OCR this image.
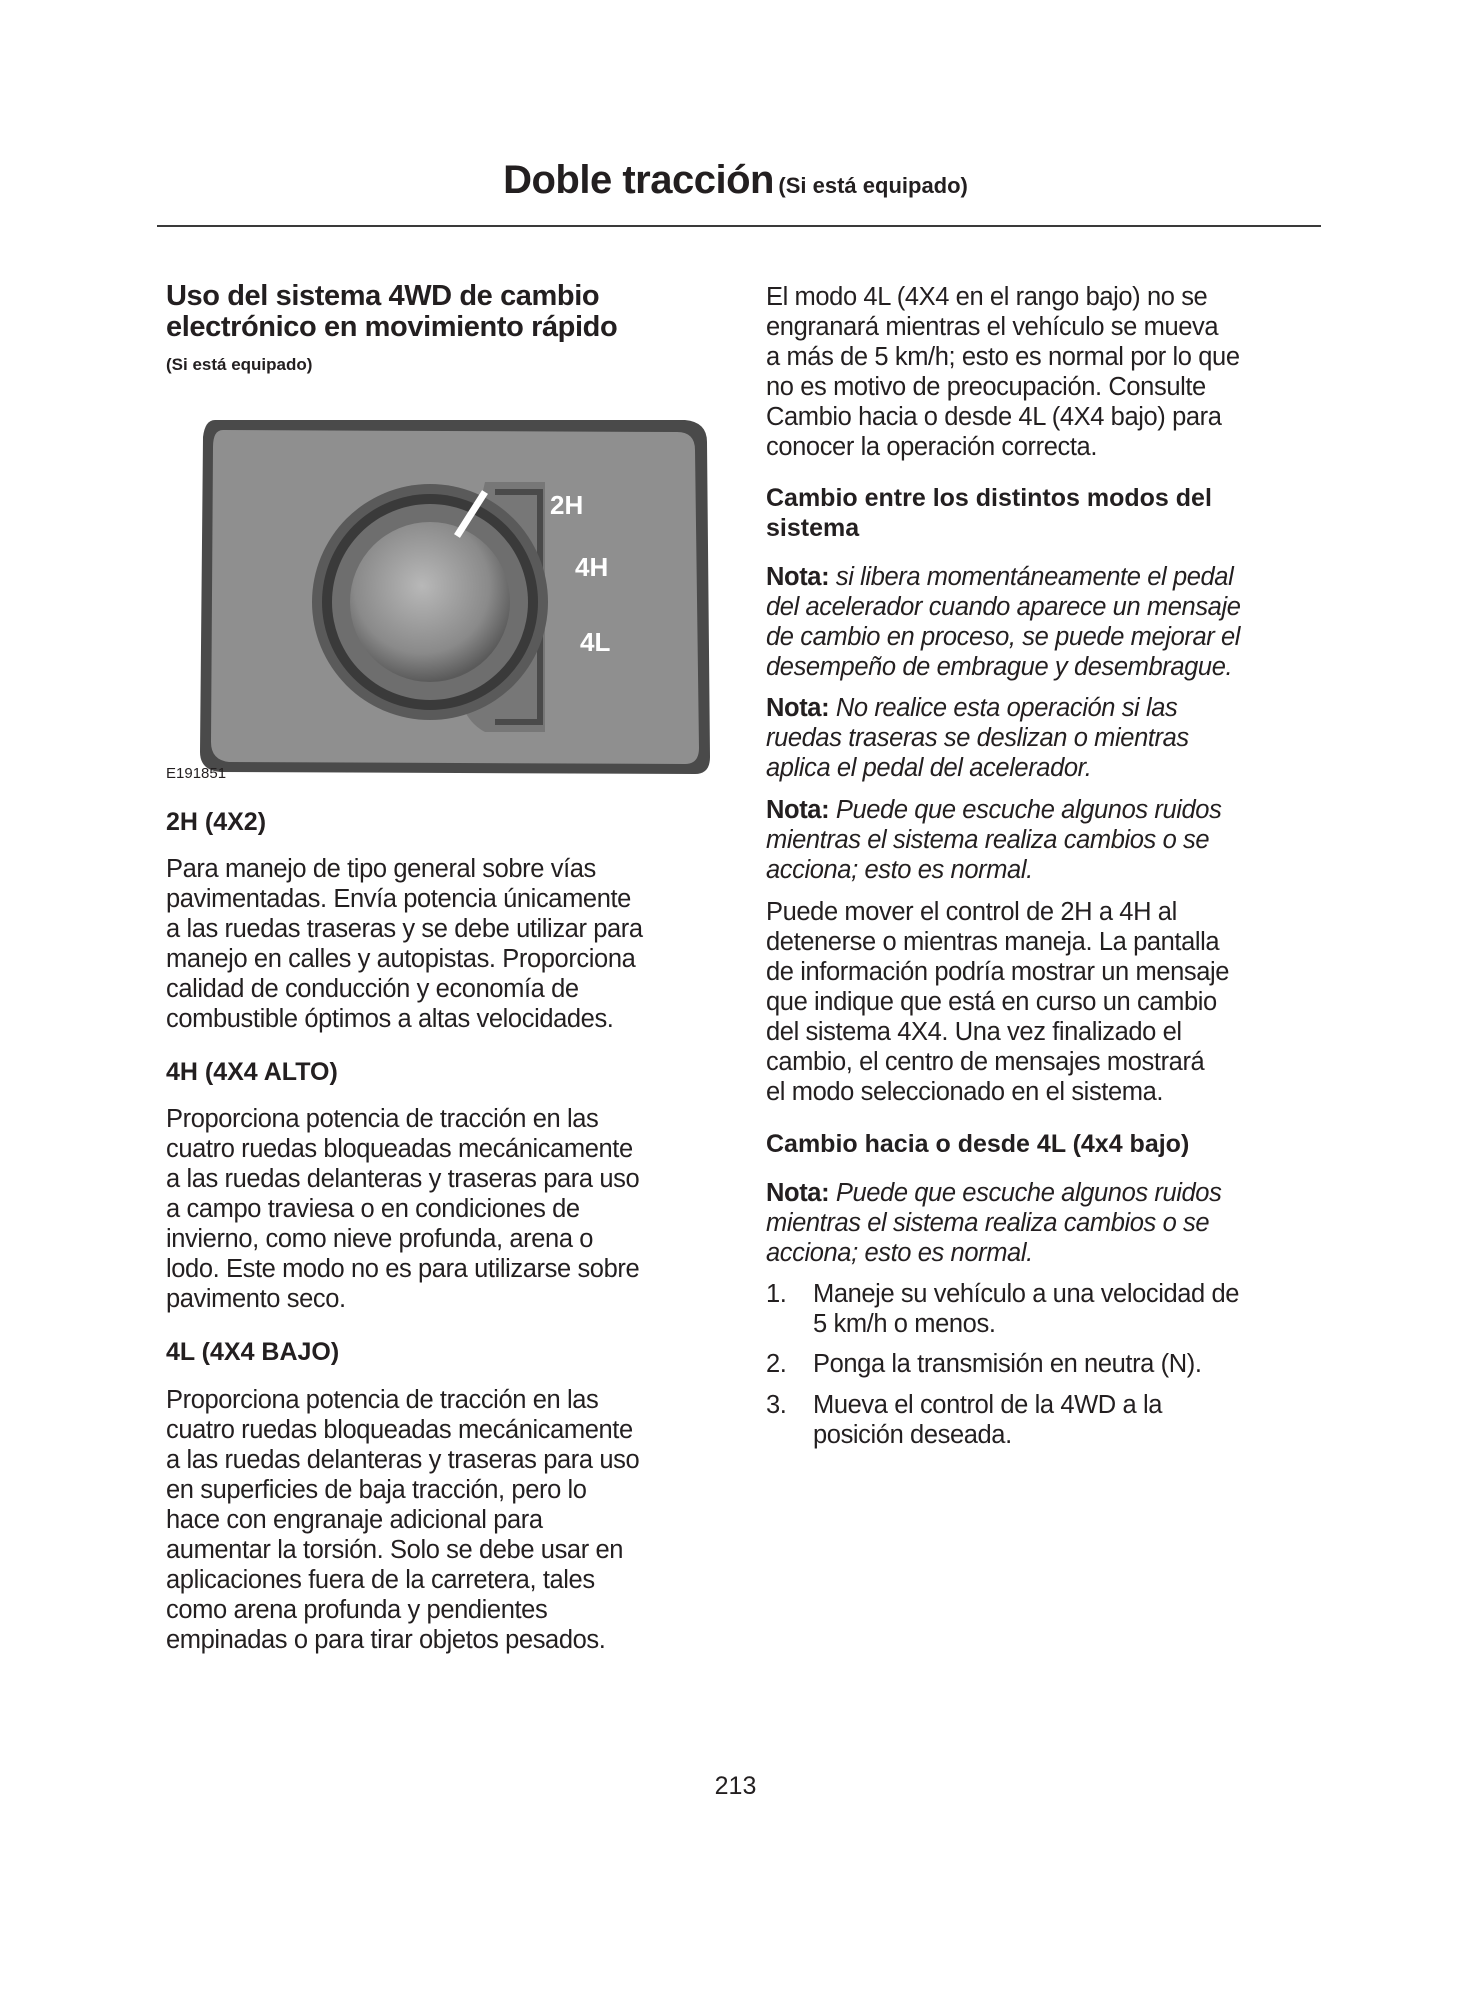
Doble tracción (Si está equipado)
Uso del sistema 4WD de cambio
electrónico en movimiento rápido
(Si está equipado)
2H
4H
4L
E191851
2H (4X2)
Para manejo de tipo general sobre vías
pavimentadas. Envía potencia únicamente
a las ruedas traseras y se debe utilizar para
manejo en calles y autopistas. Proporciona
calidad de conducción y economía de
combustible óptimos a altas velocidades.
4H (4X4 ALTO)
Proporciona potencia de tracción en las
cuatro ruedas bloqueadas mecánicamente
a las ruedas delanteras y traseras para uso
a campo traviesa o en condiciones de
invierno, como nieve profunda, arena o
lodo. Este modo no es para utilizarse sobre
pavimento seco.
4L (4X4 BAJO)
Proporciona potencia de tracción en las
cuatro ruedas bloqueadas mecánicamente
a las ruedas delanteras y traseras para uso
en superficies de baja tracción, pero lo
hace con engranaje adicional para
aumentar la torsión. Solo se debe usar en
aplicaciones fuera de la carretera, tales
como arena profunda y pendientes
empinadas o para tirar objetos pesados.
El modo 4L (4X4 en el rango bajo) no se
engranará mientras el vehículo se mueva
a más de 5 km/h; esto es normal por lo que
no es motivo de preocupación. Consulte
Cambio hacia o desde 4L (4X4 bajo) para
conocer la operación correcta.
Cambio entre los distintos modos del
sistema
Nota: si libera momentáneamente el pedal
del acelerador cuando aparece un mensaje
de cambio en proceso, se puede mejorar el
desempeño de embrague y desembrague.
Nota: No realice esta operación si las
ruedas traseras se deslizan o mientras
aplica el pedal del acelerador.
Nota: Puede que escuche algunos ruidos
mientras el sistema realiza cambios o se
acciona; esto es normal.
Puede mover el control de 2H a 4H al
detenerse o mientras maneja. La pantalla
de información podría mostrar un mensaje
que indique que está en curso un cambio
del sistema 4X4. Una vez finalizado el
cambio, el centro de mensajes mostrará
el modo seleccionado en el sistema.
Cambio hacia o desde 4L (4x4 bajo)
Nota: Puede que escuche algunos ruidos
mientras el sistema realiza cambios o se
acciona; esto es normal.
1.	Maneje su vehículo a una velocidad de
5 km/h o menos.
2.	Ponga la transmisión en neutra (N).
3.	Mueva el control de la 4WD a la
posición deseada.
213
